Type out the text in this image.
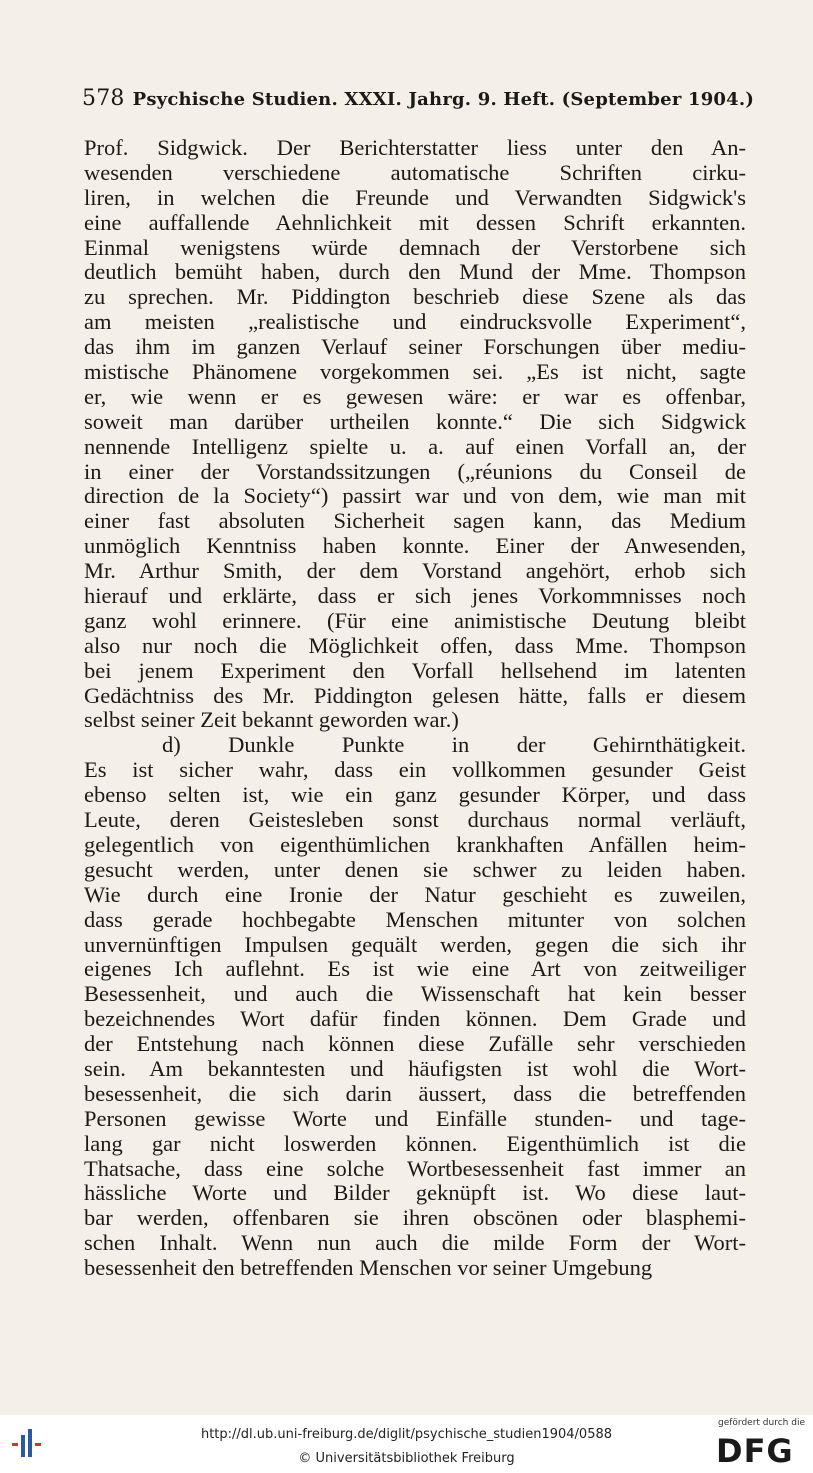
578 Psychische Studien. XXXI. Jahrg. 9. Heft. (September 1904.)
Prof. Sidgwick. Der Berichterstatter liess unter den An-
wesenden verschiedene automatische Schriften cirku-
liren, in welchen die Freunde und Verwandten Sidgwick's
eine auffallende Aehnlichkeit mit dessen Schrift erkannten.
Einmal wenigstens würde demnach der Verstorbene sich
deutlich bemüht haben, durch den Mund der Mme. Thompson
zu sprechen. Mr. Piddington beschrieb diese Szene als das
am meisten „realistische und eindrucksvolle Experiment“,
das ihm im ganzen Verlauf seiner Forschungen über mediu-
mistische Phänomene vorgekommen sei. „Es ist nicht, sagte
er, wie wenn er es gewesen wäre: er war es offenbar,
soweit man darüber urtheilen konnte.“ Die sich Sidgwick
nennende Intelligenz spielte u. a. auf einen Vorfall an, der
in einer der Vorstandssitzungen („réunions du Conseil de
direction de la Society“) passirt war und von dem, wie man mit
einer fast absoluten Sicherheit sagen kann, das Medium
unmöglich Kenntniss haben konnte. Einer der Anwesenden,
Mr. Arthur Smith, der dem Vorstand angehört, erhob sich
hierauf und erklärte, dass er sich jenes Vorkommnisses noch
ganz wohl erinnere. (Für eine animistische Deutung bleibt
also nur noch die Möglichkeit offen, dass Mme. Thompson
bei jenem Experiment den Vorfall hellsehend im latenten
Gedächtniss des Mr. Piddington gelesen hätte, falls er diesem
selbst seiner Zeit bekannt geworden war.)
d) Dunkle Punkte in der Gehirnthätigkeit.
Es ist sicher wahr, dass ein vollkommen gesunder Geist
ebenso selten ist, wie ein ganz gesunder Körper, und dass
Leute, deren Geistesleben sonst durchaus normal verläuft,
gelegentlich von eigenthümlichen krankhaften Anfällen heim-
gesucht werden, unter denen sie schwer zu leiden haben.
Wie durch eine Ironie der Natur geschieht es zuweilen,
dass gerade hochbegabte Menschen mitunter von solchen
unvernünftigen Impulsen gequält werden, gegen die sich ihr
eigenes Ich auflehnt. Es ist wie eine Art von zeitweiliger
Besessenheit, und auch die Wissenschaft hat kein besser
bezeichnendes Wort dafür finden können. Dem Grade und
der Entstehung nach können diese Zufälle sehr verschieden
sein. Am bekanntesten und häufigsten ist wohl die Wort-
besessenheit, die sich darin äussert, dass die betreffenden
Personen gewisse Worte und Einfälle stunden- und tage-
lang gar nicht loswerden können. Eigenthümlich ist die
Thatsache, dass eine solche Wortbesessenheit fast immer an
hässliche Worte und Bilder geknüpft ist. Wo diese laut-
bar werden, offenbaren sie ihren obscönen oder blasphemi-
schen Inhalt. Wenn nun auch die milde Form der Wort-
besessenheit den betreffenden Menschen vor seiner Umgebung
http://dl.ub.uni-freiburg.de/diglit/psychische_studien1904/0588
© Universitätsbibliothek Freiburg
gefördert durch die
DFG
